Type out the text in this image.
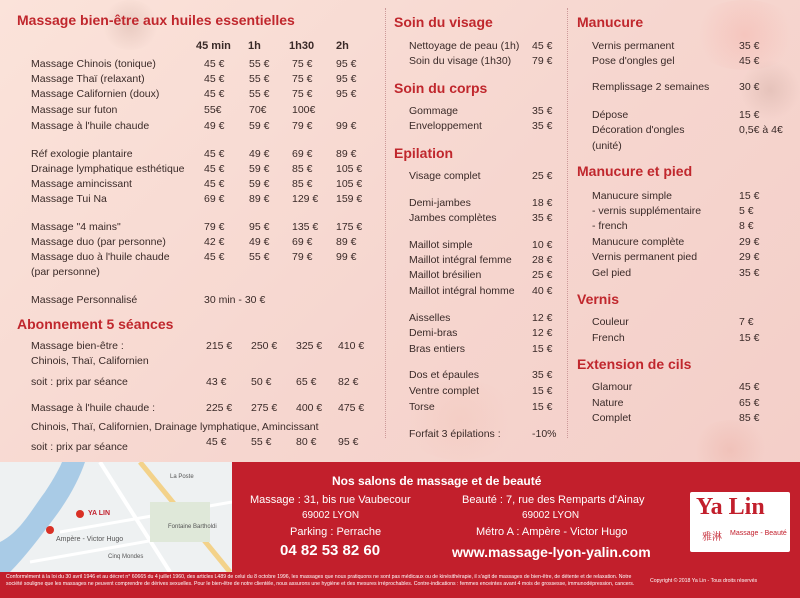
YA LIN
Ampère - Victor Hugo
Fontaine Bartholdi
Cinq Mondes
La Poste	Nos salons de massage et de beauté
Massage : 31, bis rue Vaubecour
69002 LYON
Parking : Perrache
04 82 53 82 60
Beauté : 7, rue des Remparts d'Ainay
69002 LYON
Métro A : Ampère - Victor Hugo
www.massage-lyon-yalin.com
Ya Lin
雅淋 Massage - Beauté
Conformément à la loi du 30 avril 1946 et au décret n° 60665 du 4 juillet 1960, des articles L489 de celui du 8 octobre 1996, les massages que nous pratiquons ne sont pas médicaux ou de kinésithérapie, il s'agit de massages de bien-être, de détente et de relaxation. Notre société souligne que les massages ne peuvent comprendre de dérives sexuelles. Pour le bien-être de notre clientèle, nous assurons une hygiène et des mesures irréprochables. Contre-indications : femmes enceintes avant 4 mois de grossesse, immunodépression, cancers.	Copyright © 2018 Ya Lin - Tous droits réservés
Massage bien-être aux huiles essentielles
45 min 1h	1h30 2h
Massage Chinois (tonique)	45 € 55 € 75 € 95 €
Massage Thaï (relaxant)	45 € 55 € 75 € 95 €
Massage Californien (doux)	45 € 55 € 75 € 95 €
Massage sur futon	55€	70€ 100€
Massage à l'huile chaude	49 € 59 € 79 € 99 €
Réf exologie plantaire	45 € 49 € 69 € 89 €
Drainage lymphatique esthétique 45 € 59 € 85 € 105 €
Massage amincissant	45 € 59 € 85 € 105 €
Massage Tui Na	69 € 89 € 129 € 159 €
Massage "4 mains"	79 € 95 € 135 € 175 €
Massage duo (par personne)	42 € 49 € 69 € 89 €
Massage duo à l'huile chaude	45 € 55 € 79 € 99 €
(par personne)
Massage Personnalisé	30 min - 30 €
Abonnement 5 séances
Massage bien-être :
Chinois, Thaï, Californien
215 € 250 € 325 € 410 €
soit : prix par séance	43 € 50 € 65 € 82 €
Massage à l'huile chaude :	225 € 275 € 400 € 475 €
Chinois, Thaï, Californien, Drainage lymphatique, Amincissant
soit : prix par séance	45 € 55 € 80 € 95 €
Soin du visage
Nettoyage de peau (1h) 45 €
Soin du visage (1h30) 79 €
Soin du corps
Gommage	35 €
Enveloppement	35 €
Epilation
Visage complet	25 €
Demi-jambes	18 €
Jambes complètes	35 €
Maillot simple	10 €
Maillot intégral femme 28 €
Maillot brésilien	25 €
Maillot intégral homme 40 €
Aisselles	12 €
Demi-bras	12 €
Bras entiers	15 €
Dos et épaules	35 €
Ventre complet	15 €
Torse	15 €
Forfait 3 épilations :	-10%
Manucure
Vernis permanent	35 €
Pose d'ongles gel	45 €
Remplissage 2 semaines	30 €
Dépose	15 €
Décoration d'ongles	0,5€ à 4€
(unité)
Manucure et pied
Manucure simple	15 €
- vernis supplémentaire	5 €
- french	8 €
Manucure complète	29 €
Vernis permanent pied	29 €
Gel pied	35 €
Vernis
Couleur	7 €
French	15 €
Extension de cils
Glamour	45 €
Nature	65 €
Complet	85 €
